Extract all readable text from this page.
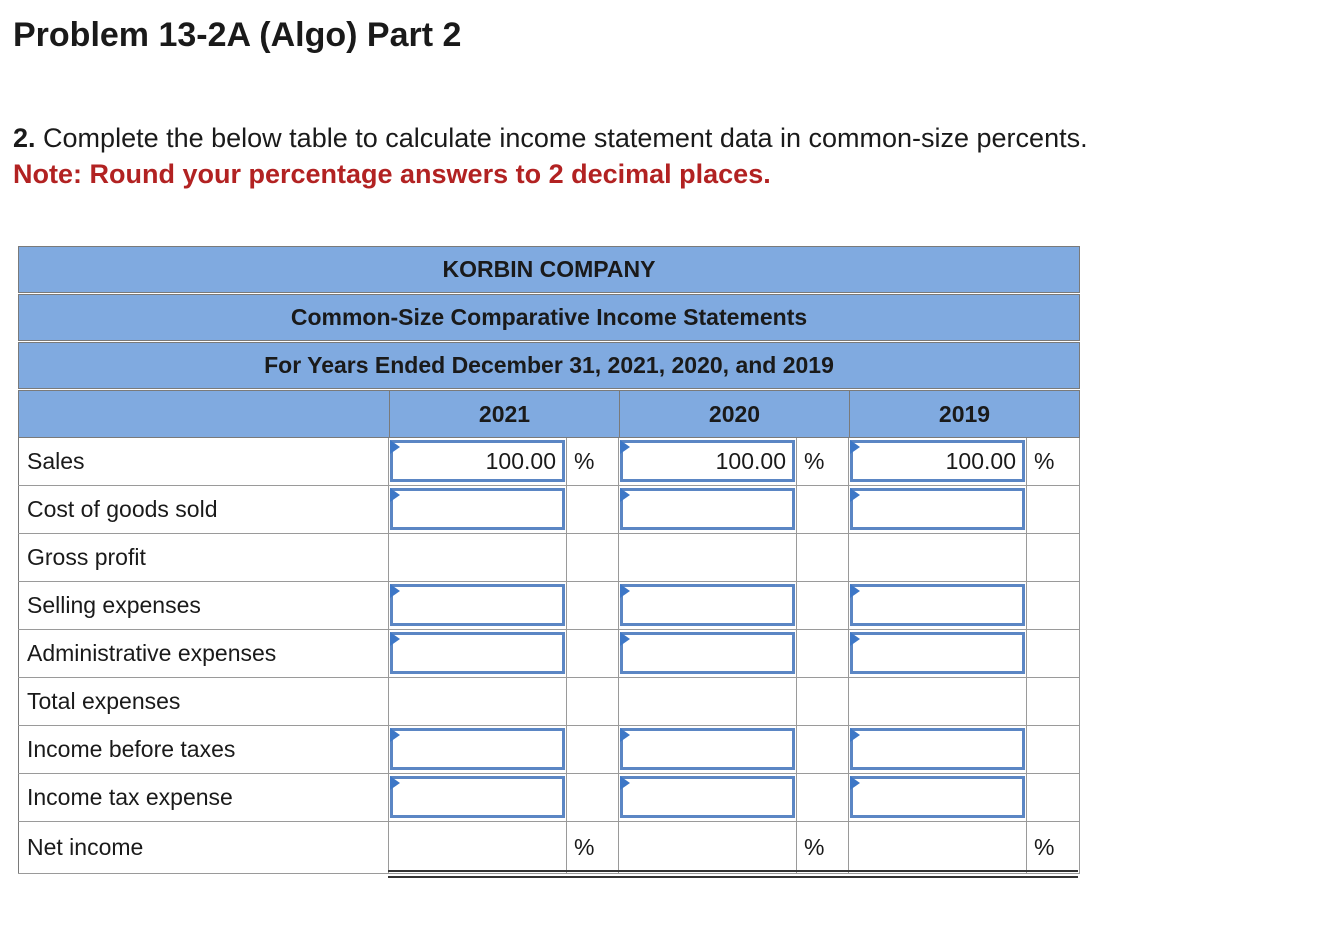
Problem 13-2A (Algo) Part 2
2. Complete the below table to calculate income statement data in common-size percents.
Note: Round your percentage answers to 2 decimal places.
KORBIN COMPANY
Common-Size Comparative Income Statements
For Years Ended December 31, 2021, 2020, and 2019
2021	2020	2019
Sales	100.00 %	100.00 %	100.00 %
Cost of goods sold
Gross profit
Selling expenses
Administrative expenses
Total expenses
Income before taxes
Income tax expense
Net income	%	%	%
